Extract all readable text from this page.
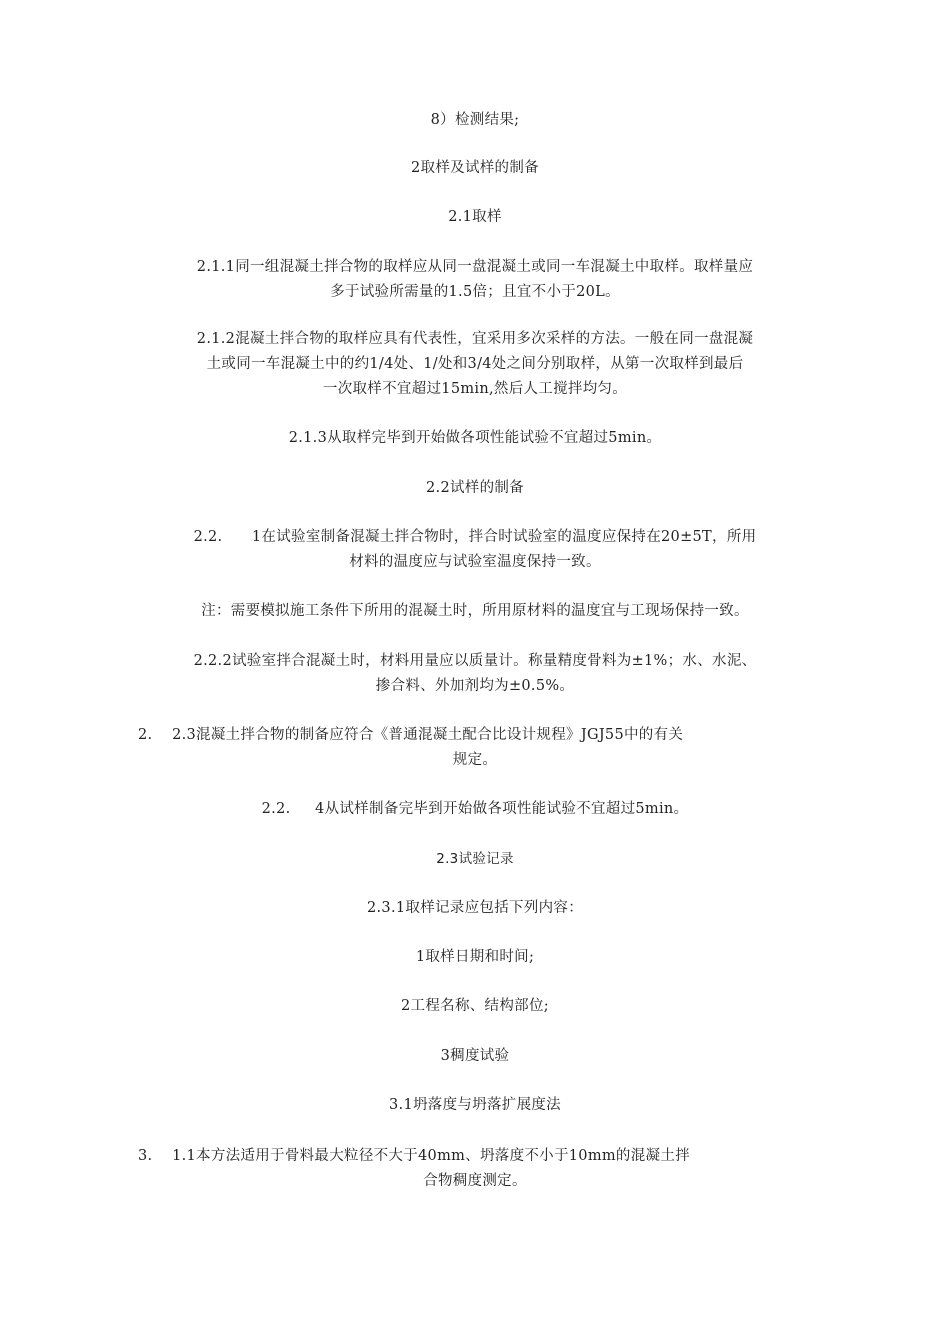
8）检测结果;
2取样及试样的制备
2.1取样
2.1.1同一组混凝土拌合物的取样应从同一盘混凝土或同一车混凝土中取样。取样量应
多于试验所需量的1.5倍；且宜不小于20L。
2.1.2混凝土拌合物的取样应具有代表性，宜采用多次采样的方法。一般在同一盘混凝
土或同一车混凝土中的约1/4处、1/处和3/4处之间分别取样，从第一次取样到最后
一次取样不宜超过15min,然后人工搅拌均匀。
2.1.3从取样完毕到开始做各项性能试验不宜超过5min。
2.2试样的制备
2.2.      1在试验室制备混凝土拌合物时，拌合时试验室的温度应保持在20±5T，所用
材料的温度应与试验室温度保持一致。
注：需要模拟施工条件下所用的混凝土时，所用原材料的温度宜与工现场保持一致。
2.2.2试验室拌合混凝土时，材料用量应以质量计。称量精度骨料为±1%；水、水泥、
掺合料、外加剂均为±0.5%。
2.    2.3混凝土拌合物的制备应符合《普通混凝土配合比设计规程》JGJ55中的有关
规定。
2.2.     4从试样制备完毕到开始做各项性能试验不宜超过5min。
2.3试验记录
2.3.1取样记录应包括下列内容：
1取样日期和时间;
2工程名称、结构部位;
3稠度试验
3.1坍落度与坍落扩展度法
3.    1.1本方法适用于骨料最大粒径不大于40mm、坍落度不小于10mm的混凝土拌
合物稠度测定。
